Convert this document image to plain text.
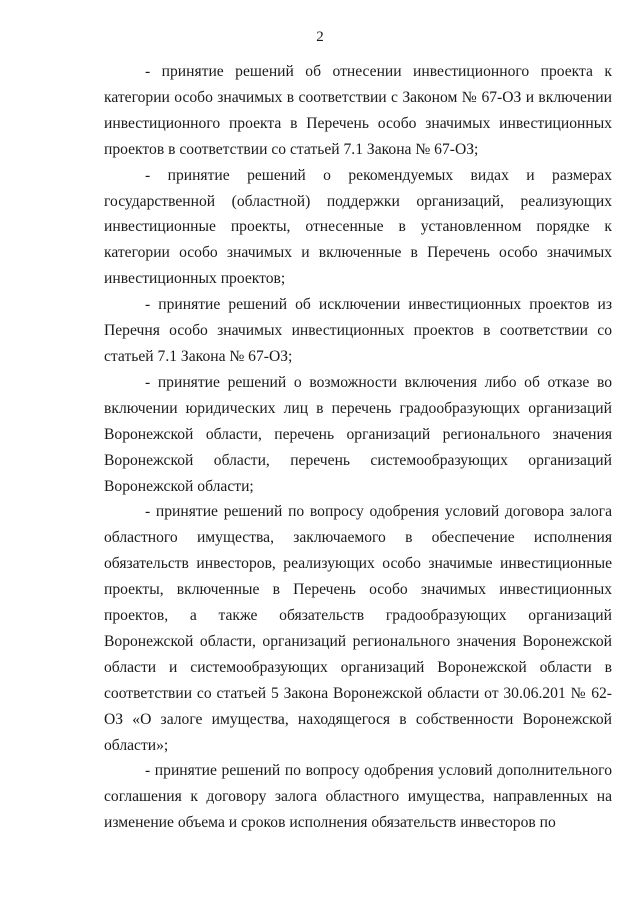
2

- принятие решений об отнесении инвестиционного проекта к категории особо значимых в соответствии с Законом № 67-ОЗ и включении инвестиционного проекта в Перечень особо значимых инвестиционных проектов в соответствии со статьей 7.1 Закона № 67-ОЗ;

- принятие решений о рекомендуемых видах и размерах государственной (областной) поддержки организаций, реализующих инвестиционные проекты, отнесенные в установленном порядке к категории особо значимых и включенные в Перечень особо значимых инвестиционных проектов;

- принятие решений об исключении инвестиционных проектов из Перечня особо значимых инвестиционных проектов в соответствии со статьей 7.1 Закона № 67-ОЗ;

- принятие решений о возможности включения либо об отказе во включении юридических лиц в перечень градообразующих организаций Воронежской области, перечень организаций регионального значения Воронежской области, перечень системообразующих организаций Воронежской области;

- принятие решений по вопросу одобрения условий договора залога областного имущества, заключаемого в обеспечение исполнения обязательств инвесторов, реализующих особо значимые инвестиционные проекты, включенные в Перечень особо значимых инвестиционных проектов, а также обязательств градообразующих организаций Воронежской области, организаций регионального значения Воронежской области и системообразующих организаций Воронежской области в соответствии со статьей 5 Закона Воронежской области от 30.06.201 № 62-ОЗ «О залоге имущества, находящегося в собственности Воронежской области»;

- принятие решений по вопросу одобрения условий дополнительного соглашения к договору залога областного имущества, направленных на изменение объема и сроков исполнения обязательств инвесторов по
